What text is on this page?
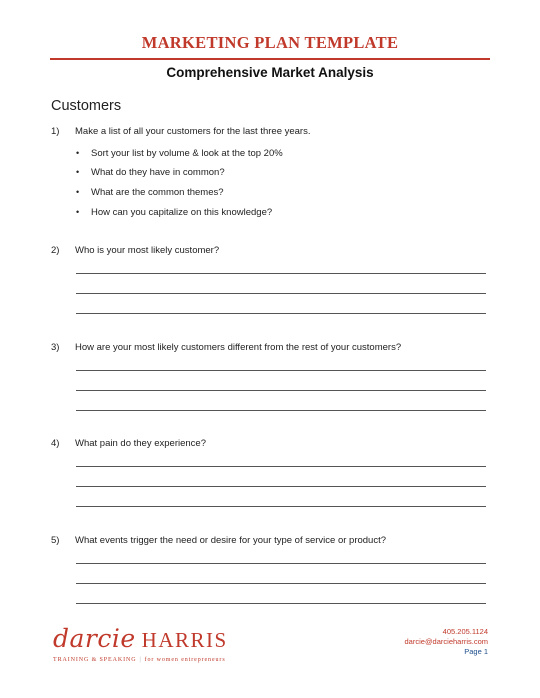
MARKETING PLAN TEMPLATE
Comprehensive Market Analysis
Customers
1) Make a list of all your customers for the last three years.
• Sort your list by volume & look at the top 20%
• What do they have in common?
• What are the common themes?
• How can you capitalize on this knowledge?
2) Who is your most likely customer?
3) How are your most likely customers different from the rest of your customers?
4) What pain do they experience?
5) What events trigger the need or desire for your type of service or product?
darcie HARRIS
TRAINING & SPEAKING | for women entrepreneurs
405.205.1124
darcie@darcieharris.com
Page 1
